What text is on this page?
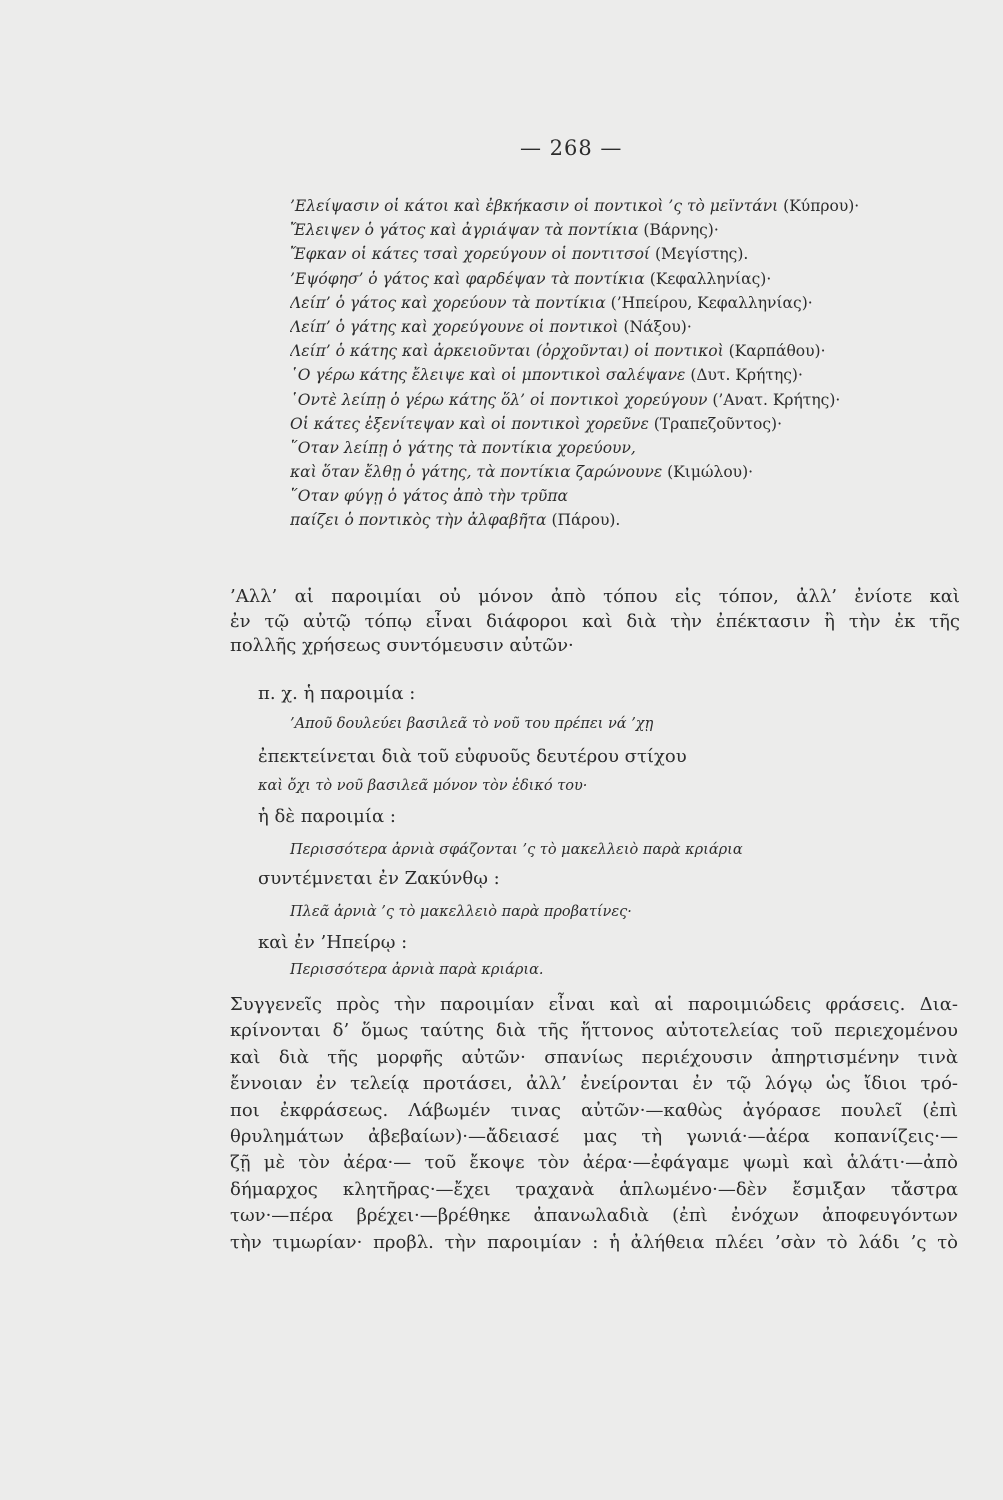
— 268 —
’Ελείψασιν οἱ κάτοι καὶ ἐβκήκασιν οἱ ποντικοὶ ’ς τὸ μεϊντάνι (Κύπρου)·
Ἔλειψεν ὁ γάτος καὶ ἀγριάψαν τὰ ποντίκια (Βάρνης)·
Ἔφκαν οἱ κάτες τσαὶ χορεύγουν οἱ ποντιτσοί (Μεγίστης).
’Εψόφησ’ ὁ γάτος καὶ φαρδέψαν τὰ ποντίκια (Κεφαλληνίας)·
Λείπ’ ὁ γάτος καὶ χορεύουν τὰ ποντίκια (’Ηπείρου, Κεφαλληνίας)·
Λείπ’ ὁ γάτης καὶ χορεύγουνε οἱ ποντικοὶ (Νάξου)·
Λείπ’ ὁ κάτης καὶ ἀρκειοῦνται (ὀρχοῦνται) οἱ ποντικοὶ (Καρπάθου)·
῾Ο γέρω κάτης ἔλειψε καὶ οἱ μποντικοὶ σαλέψανε (Δυτ. Κρήτης)·
῾Οντὲ λείπῃ ὁ γέρω κάτης ὅλ’ οἱ ποντικοὶ χορεύγουν (’Ανατ. Κρήτης)·
Οἱ κάτες ἐξενίτεψαν καὶ οἱ ποντικοὶ χορεῦνε (Τραπεζοῦντος)·
῞Οταν λείπῃ ὁ γάτης τὰ ποντίκια χορεύουν,
καὶ ὅταν ἔλθῃ ὁ γάτης, τὰ ποντίκια ζαρώνουνε (Κιμώλου)·
῞Οταν φύγῃ ὁ γάτος ἀπὸ τὴν τρῦπα
παίζει ὁ ποντικὸς τὴν ἀλφαβῆτα (Πάρου).
’Αλλ’ αἱ παροιμίαι οὐ μόνον ἀπὸ τόπου εἰς τόπον, ἀλλ’ ἐνίοτε καὶ
ἐν τῷ αὐτῷ τόπῳ εἶναι διάφοροι καὶ διὰ τὴν ἐπέκτασιν ἢ τὴν ἐκ τῆς
πολλῆς χρήσεως συντόμευσιν αὐτῶν·
π. χ. ἡ παροιμία :
’Αποῦ δουλεύει βασιλεᾶ τὸ νοῦ του πρέπει νά ’χῃ
ἐπεκτείνεται διὰ τοῦ εὐφυοῦς δευτέρου στίχου
καὶ ὄχι τὸ νοῦ βασιλεᾶ μόνον τὸν ἐδικό του·
ἡ δὲ παροιμία :
Περισσότερα ἀρνιὰ σφάζονται ’ς τὸ μακελλειὸ παρὰ κριάρια
συντέμνεται ἐν Ζακύνθῳ :
Πλεᾶ ἀρνιὰ ’ς τὸ μακελλειὸ παρὰ προβατίνες·
καὶ ἐν ’Ηπείρῳ :
Περισσότερα ἀρνιὰ παρὰ κριάρια.
Συγγενεῖς πρὸς τὴν παροιμίαν εἶναι καὶ αἱ παροιμιώδεις φράσεις. Δια-
κρίνονται δ’ ὅμως ταύτης διὰ τῆς ἥττονος αὐτοτελείας τοῦ περιεχομένου
καὶ διὰ τῆς μορφῆς αὐτῶν· σπανίως περιέχουσιν ἀπηρτισμένην τινὰ
ἔννοιαν ἐν τελείᾳ προτάσει, ἀλλ’ ἐνείρονται ἐν τῷ λόγῳ ὡς ἴδιοι τρό-
ποι ἐκφράσεως. Λάβωμέν τινας αὐτῶν·—καθὼς ἀγόρασε πουλεῖ (ἐπὶ
θρυλημάτων ἀβεβαίων)·—ἄδειασέ μας τὴ γωνιά·—ἀέρα κοπανίζεις·—
ζῇ μὲ τὸν ἀέρα·— τοῦ ἔκοψε τὸν ἀέρα·—ἐφάγαμε ψωμὶ καὶ ἁλάτι·—ἀπὸ
δήμαρχος κλητῆρας·—ἔχει τραχανὰ ἁπλωμένο·—δὲν ἔσμιξαν τἄστρα
των·—πέρα βρέχει·—βρέθηκε ἀπανωλαδιὰ (ἐπὶ ἐνόχων ἀποφευγόντων
τὴν τιμωρίαν· προβλ. τὴν παροιμίαν : ἡ ἀλήθεια πλέει ’σὰν τὸ λάδι ’ς τὸ
